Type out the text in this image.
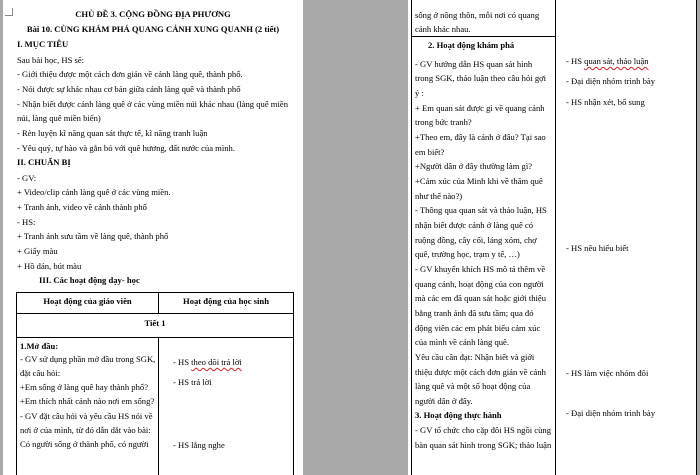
CHỦ ĐỀ 3. CỘNG ĐỒNG ĐỊA PHƯƠNG
Bài 10. CÙNG KHÁM PHÁ QUANG CẢNH XUNG QUANH (2 tiết)
I. MỤC TIÊU
Sau bài học, HS sẽ:
- Giới thiệu được một cách đơn giản về cảnh làng quê, thành phố.
- Nói được sự khác nhau cơ bản giữa cảnh làng quê và thành phố
- Nhận biết được cảnh làng quê ở các vùng miền núi khác nhau (làng quê miền
núi, làng quê miền biển)
- Rèn luyện kĩ năng quan sát thực tế, kĩ năng tranh luận
- Yêu quý, tự hào và gắn bó với quê hương, đất nước của mình.
II. CHUẨN BỊ
- GV:
+ Video/clip cảnh làng quê ở các vùng miền.
+ Tranh ảnh, video về cảnh thành phố
- HS:
+ Tranh ảnh sưu tầm về làng quê, thành phố
+ Giấy màu
+ Hồ dán, bút màu
III. Các hoạt động dạy- học
Hoạt động của giáo viên	Hoạt động của học sinh
Tiết 1
1.Mở đầu:
- GV sử dụng phần mở đầu trong SGK,
đặt câu hỏi:
+Em sống ở làng quê hay thành phố?
+Em thích nhất cảnh nào nơi em sống?
- GV đặt câu hỏi và yêu cầu HS nói về
nơi ở của mình, từ đó dẫn dắt vào bài:
Có người sống ở thành phố, có người
- HS theo dõi trả lời
- HS trả lời
- HS lắng nghe
sống ở nông thôn, mỗi nơi có quang
cảnh khác nhau.
2. Hoạt động khám phá
- GV hướng dẫn HS quan sát hình
trong SGK, thảo luận theo câu hỏi gợi
ý :
+ Em quan sát được gì về quang cảnh
trong bức tranh?
+Theo em, đây là cảnh ở đâu? Tại sao
em biết?
+Người dân ở đây thường làm gì?
+Cảm xúc của Minh khi về thăm quê
như thế nào?)
- Thông qua quan sát và thảo luận, HS
nhận biết được cảnh ở làng quê có
ruộng đồng, cây cối, láng xóm, chợ
quê, trường học, trạm y tế, …)
- GV khuyến khích HS mô tả thêm về
quang cảnh, hoạt động của con người
mà các em đã quan sát hoặc giới thiệu
bằng tranh ảnh đã sưu tầm; qua đó
động viên các em phát biểu cảm xúc
của mình về cảnh làng quê.
Yêu cầu cần đạt: Nhận biết và giới
thiệu được một cách đơn giản về cảnh
làng quê và một số hoạt động của
người dân ở đây.
3. Hoạt động thực hành
- GV tổ chức cho cặp đôi HS ngồi cùng
bàn quan sát hình trong SGK; thảo luận
- HS quan sát, thảo luận
- Đại diện nhóm trình bày
- HS nhận xét, bổ sung
- HS nêu hiểu biết
- HS làm việc nhóm đôi
- Đại diện nhóm trình bày
